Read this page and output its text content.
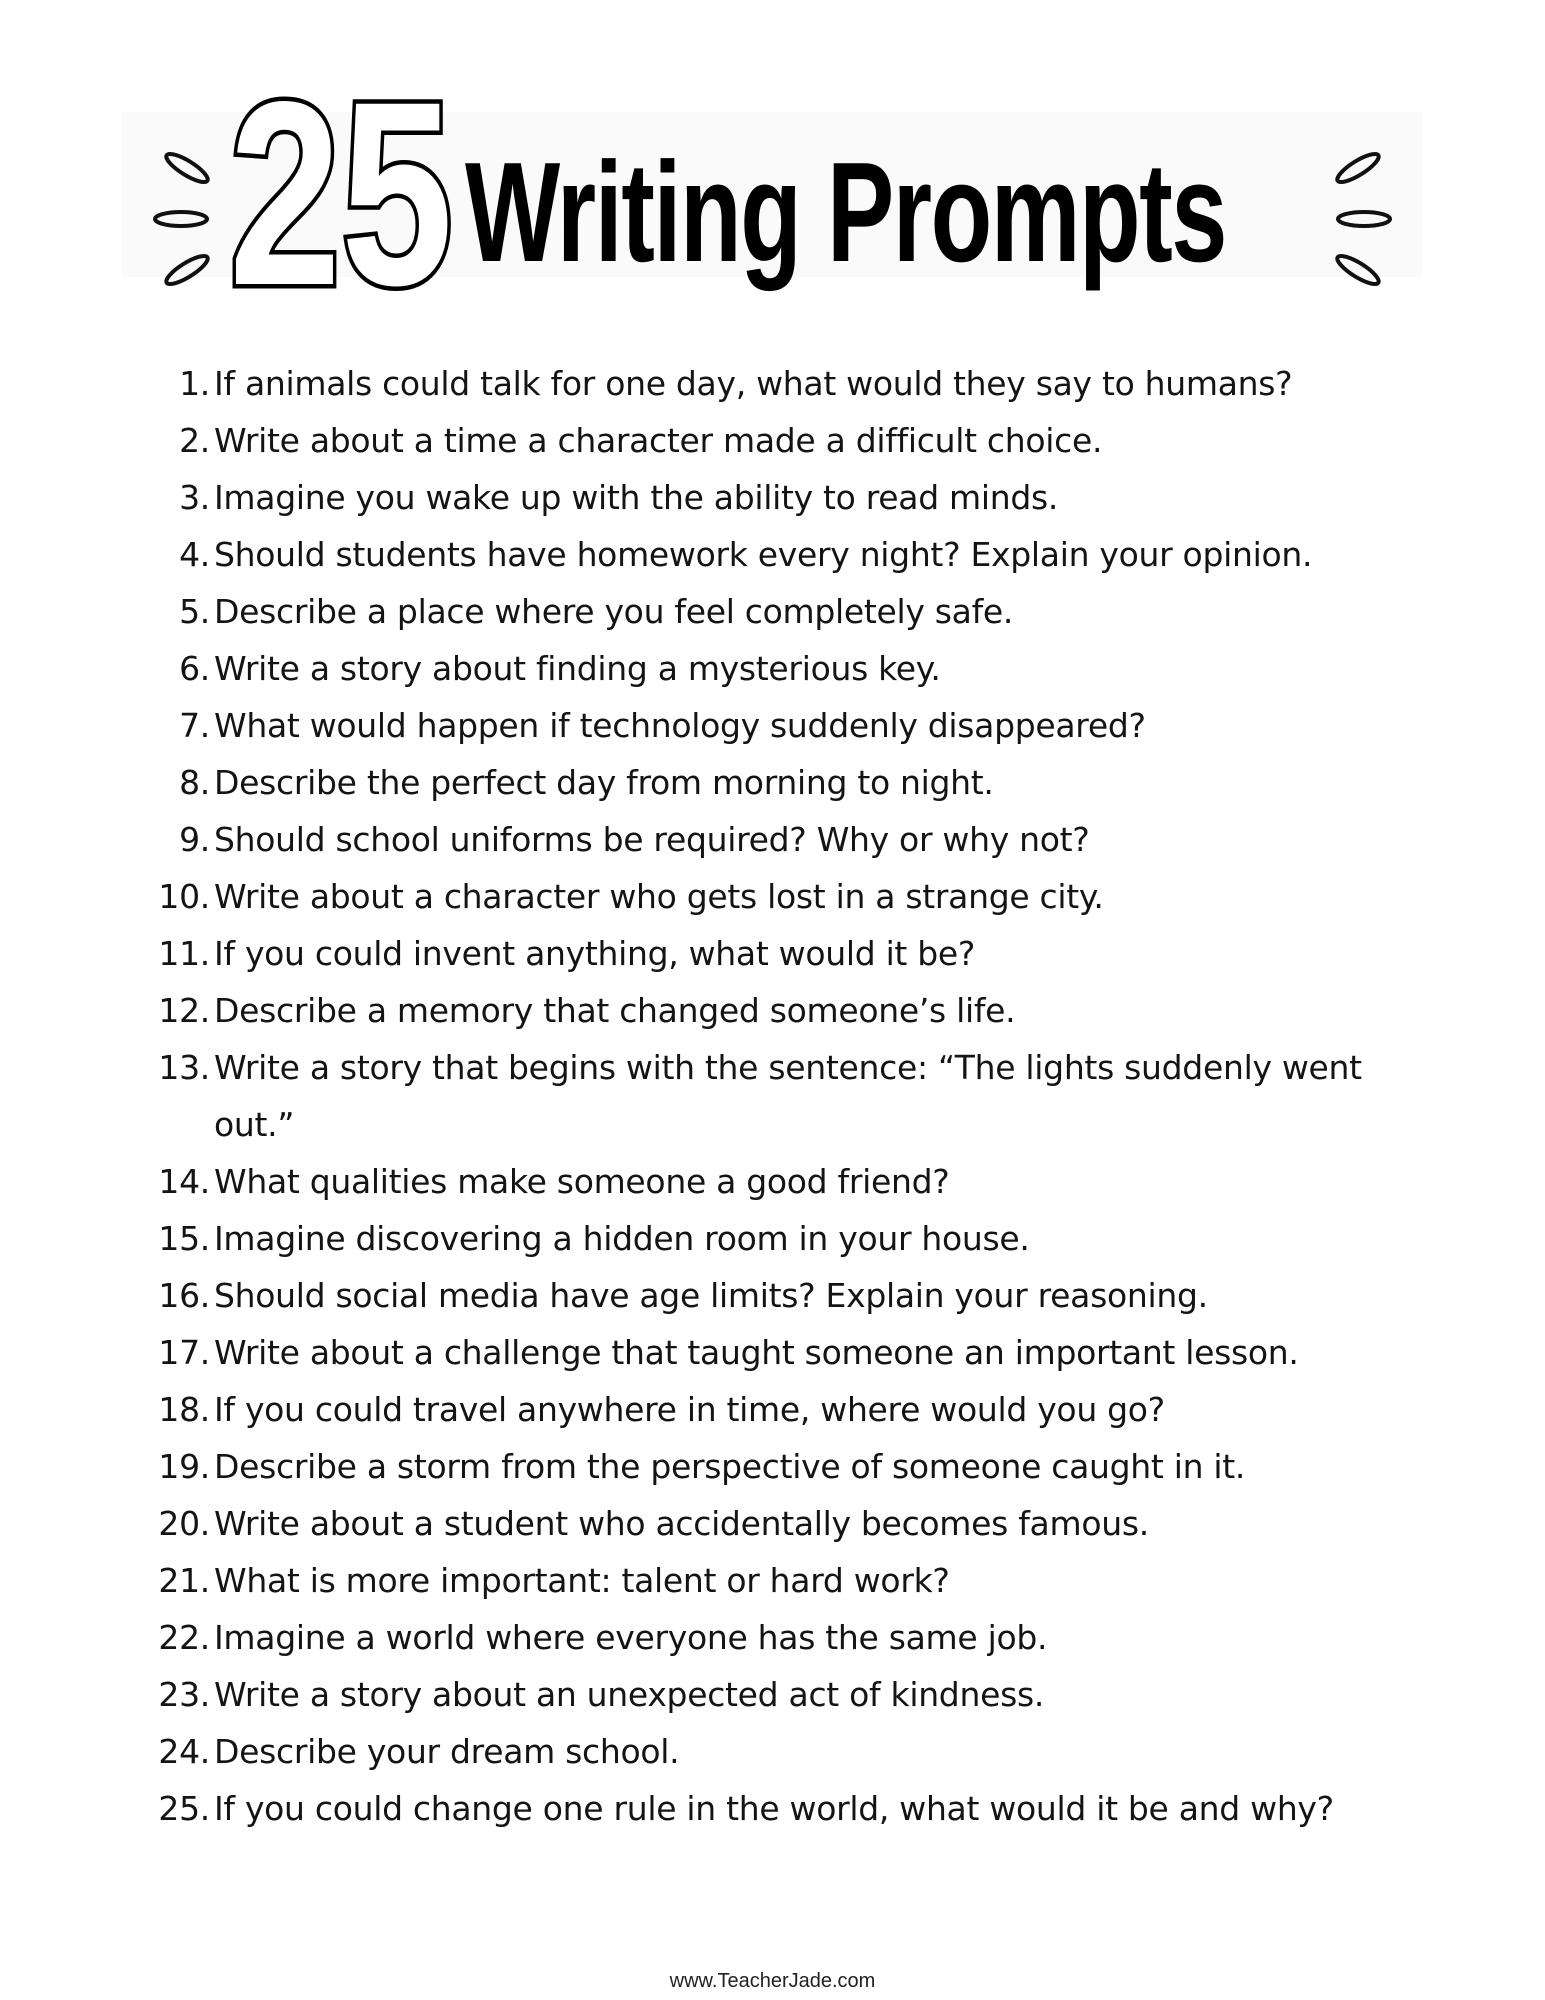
25 Writing Prompts
1. If animals could talk for one day, what would they say to humans?
2. Write about a time a character made a difficult choice.
3. Imagine you wake up with the ability to read minds.
4. Should students have homework every night? Explain your opinion.
5. Describe a place where you feel completely safe.
6. Write a story about finding a mysterious key.
7. What would happen if technology suddenly disappeared?
8. Describe the perfect day from morning to night.
9. Should school uniforms be required? Why or why not?
10. Write about a character who gets lost in a strange city.
11. If you could invent anything, what would it be?
12. Describe a memory that changed someone’s life.
13. Write a story that begins with the sentence: “The lights suddenly went out.”
14. What qualities make someone a good friend?
15. Imagine discovering a hidden room in your house.
16. Should social media have age limits? Explain your reasoning.
17. Write about a challenge that taught someone an important lesson.
18. If you could travel anywhere in time, where would you go?
19. Describe a storm from the perspective of someone caught in it.
20. Write about a student who accidentally becomes famous.
21. What is more important: talent or hard work?
22. Imagine a world where everyone has the same job.
23. Write a story about an unexpected act of kindness.
24. Describe your dream school.
25. If you could change one rule in the world, what would it be and why?
www.TeacherJade.com
